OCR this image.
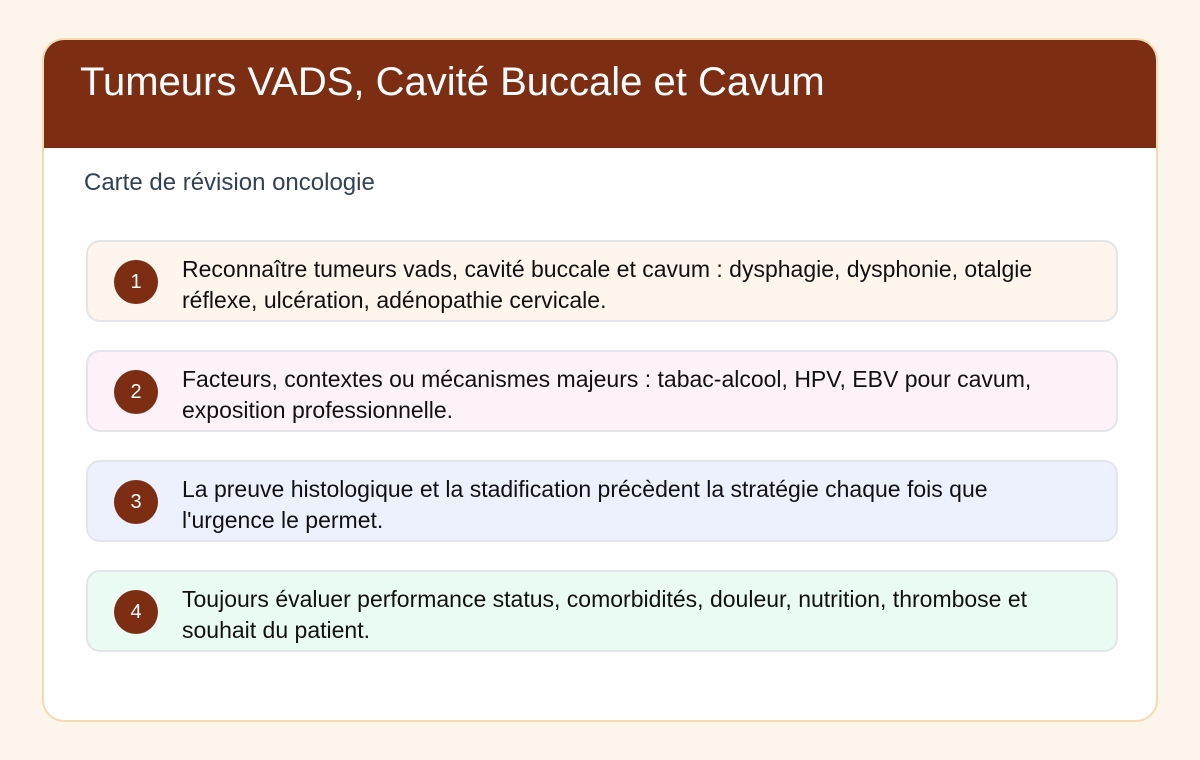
Tumeurs VADS, Cavité Buccale et Cavum
Carte de révision oncologie
1	Reconnaître tumeurs vads, cavité buccale et cavum : dysphagie, dysphonie, otalgie réflexe, ulcération, adénopathie cervicale.
2	Facteurs, contextes ou mécanismes majeurs : tabac-alcool, HPV, EBV pour cavum, exposition professionnelle.
3	La preuve histologique et la stadification précèdent la stratégie chaque fois que l'urgence le permet.
4	Toujours évaluer performance status, comorbidités, douleur, nutrition, thrombose et souhait du patient.
